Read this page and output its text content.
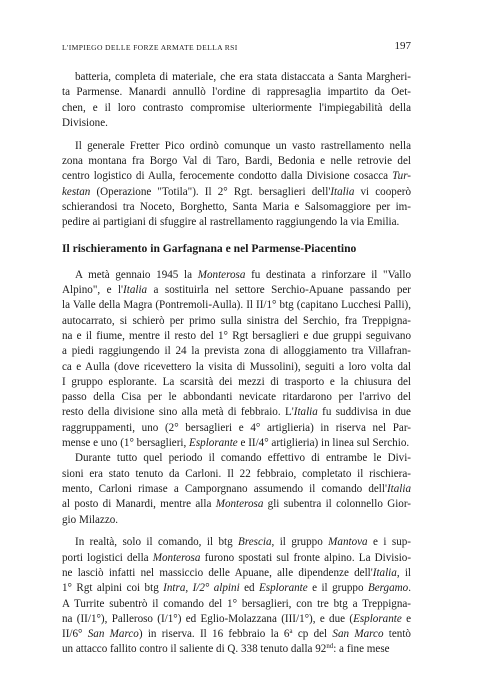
L'IMPIEGO DELLE FORZE ARMATE DELLA RSI	197
batteria, completa di materiale, che era stata distaccata a Santa Margheri-
ta Parmense. Manardi annullò l'ordine di rappresaglia impartito da Oet-
chen, e il loro contrasto compromise ulteriormente l'impiegabilità della
Divisione.
Il generale Fretter Pico ordinò comunque un vasto rastrellamento nella
zona montana fra Borgo Val di Taro, Bardi, Bedonia e nelle retrovie del
centro logistico di Aulla, ferocemente condotto dalla Divisione cosacca Tur-
kestan (Operazione "Totila"). Il 2° Rgt. bersaglieri dell'Italia vi cooperò
schierandosi tra Noceto, Borghetto, Santa Maria e Salsomaggiore per im-
pedire ai partigiani di sfuggire al rastrellamento raggiungendo la via Emilia.
Il rischieramento in Garfagnana e nel Parmense-Piacentino
A metà gennaio 1945 la Monterosa fu destinata a rinforzare il "Vallo
Alpino", e l'Italia a sostituirla nel settore Serchio-Apuane passando per
la Valle della Magra (Pontremoli-Aulla). Il II/1° btg (capitano Lucchesi Palli),
autocarrato, si schierò per primo sulla sinistra del Serchio, fra Treppigna-
na e il fiume, mentre il resto del 1° Rgt bersaglieri e due gruppi seguivano
a piedi raggiungendo il 24 la prevista zona di alloggiamento tra Villafran-
ca e Aulla (dove ricevettero la visita di Mussolini), seguiti a loro volta dal
I gruppo esplorante. La scarsità dei mezzi di trasporto e la chiusura del
passo della Cisa per le abbondanti nevicate ritardarono per l'arrivo del
resto della divisione sino alla metà di febbraio. L'Italia fu suddivisa in due
raggruppamenti, uno (2° bersaglieri e 4° artiglieria) in riserva nel Par-
mense e uno (1° bersaglieri, Esplorante e II/4° artiglieria) in linea sul Serchio.
Durante tutto quel periodo il comando effettivo di entrambe le Divi-
sioni era stato tenuto da Carloni. Il 22 febbraio, completato il rischiera-
mento, Carloni rimase a Camporgnano assumendo il comando dell'Italia
al posto di Manardi, mentre alla Monterosa gli subentra il colonnello Gior-
gio Milazzo.
In realtà, solo il comando, il btg Brescia, il gruppo Mantova e i sup-
porti logistici della Monterosa furono spostati sul fronte alpino. La Divisio-
ne lasciò infatti nel massiccio delle Apuane, alle dipendenze dell'Italia, il
1° Rgt alpini coi btg Intra, I/2° alpini ed Esplorante e il gruppo Bergamo.
A Turrite subentrò il comando del 1° bersaglieri, con tre btg a Treppigna-
na (II/1°), Palleroso (I/1°) ed Eglio-Molazzana (III/1°), e due (Esplorante e
II/6° San Marco) in riserva. Il 16 febbraio la 6$^a$ cp del San Marco tentò
un attacco fallito contro il saliente di Q. 338 tenuto dalla 92nd: a fine mese
